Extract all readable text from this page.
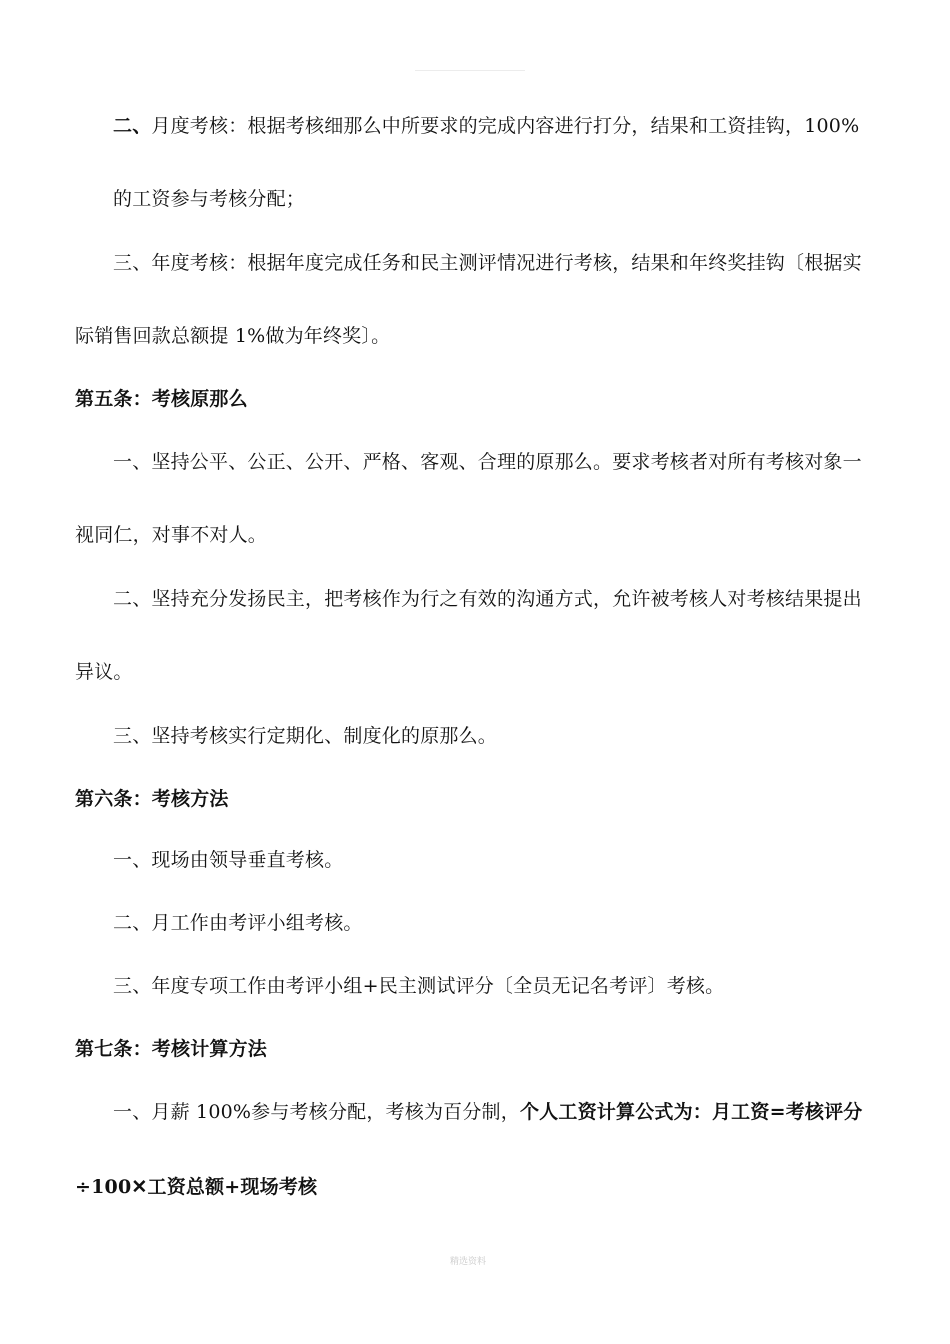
二、月度考核：根据考核细那么中所要求的完成内容进行打分，结果和工资挂钩，100%
的工资参与考核分配；
三、年度考核：根据年度完成任务和民主测评情况进行考核，结果和年终奖挂钩〔根据实
际销售回款总额提 1%做为年终奖〕。
第五条：考核原那么
一、坚持公平、公正、公开、严格、客观、合理的原那么。要求考核者对所有考核对象一
视同仁，对事不对人。
二、坚持充分发扬民主，把考核作为行之有效的沟通方式，允许被考核人对考核结果提出
异议。
三、坚持考核实行定期化、制度化的原那么。
第六条：考核方法
一、现场由领导垂直考核。
二、月工作由考评小组考核。
三、年度专项工作由考评小组+民主测试评分〔全员无记名考评〕考核。
第七条：考核计算方法
一、月薪 100%参与考核分配，考核为百分制，个人工资计算公式为：月工资=考核评分
÷100✕工资总额+现场考核
精选资料
